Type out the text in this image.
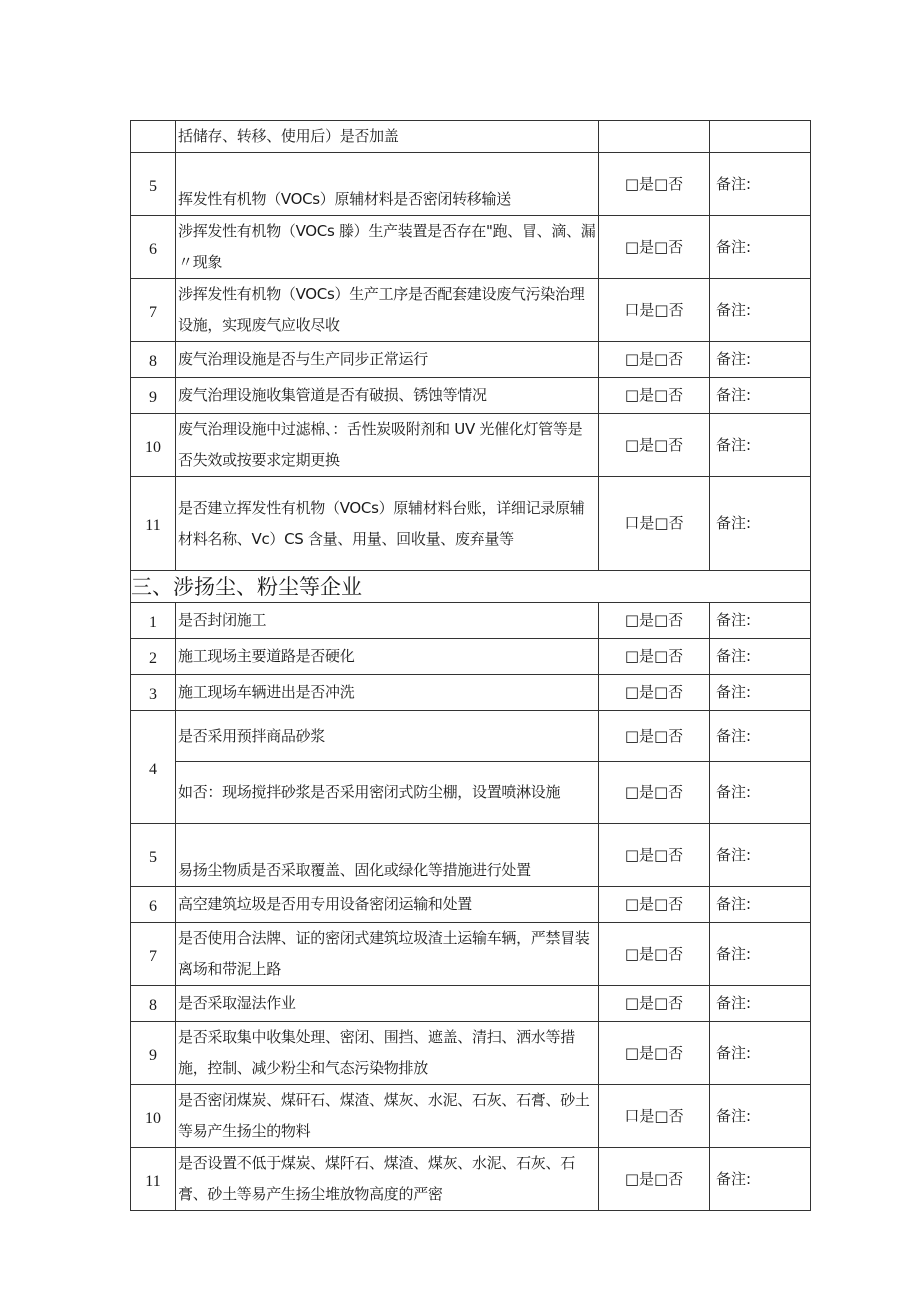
	括储存、转移、使用后）是否加盖		
5	挥发性有机物（VOCs）原辅材料是否密闭转移输送	□是□否	备注:
6	涉挥发性有机物（VOCs 滕）生产装置是否存在"跑、冒、滴、漏〃现象	□是□否	备注:
7	涉挥发性有机物（VOCs）生产工序是否配套建设废气污染治理设施，实现废气应收尽收	口是□否	备注:
8	废气治理设施是否与生产同步正常运行	□是□否	备注:
9	废气治理设施收集管道是否有破损、锈蚀等情况	□是□否	备注:
10	废气治理设施中过滤棉、：舌性炭吸附剂和 UV 光催化灯管等是否失效或按要求定期更换	□是□否	备注:
11	是否建立挥发性有机物（VOCs）原辅材料台账，详细记录原辅材料名称、Vc）CS 含量、用量、回收量、废弃量等	口是□否	备注:
三、涉扬尘、粉尘等企业			
1	是否封闭施工	□是□否	备注:
2	施工现场主要道路是否硬化	□是□否	备注:
3	施工现场车辆进出是否冲洗	□是□否	备注:
4	是否采用预拌商品砂浆	□是□否	备注:
	如否：现场搅拌砂浆是否采用密闭式防尘棚，设置喷淋设施	□是□否	备注:
5	易扬尘物质是否采取覆盖、固化或绿化等措施进行处置	□是□否	备注:
6	高空建筑垃圾是否用专用设备密闭运输和处置	□是□否	备注:
7	是否使用合法牌、证的密闭式建筑垃圾渣土运输车辆，严禁冒装离场和带泥上路	□是□否	备注:
8	是否采取湿法作业	□是□否	备注:
9	是否采取集中收集处理、密闭、围挡、遮盖、清扫、洒水等措施，控制、减少粉尘和气态污染物排放	□是□否	备注:
10	是否密闭煤炭、煤矸石、煤渣、煤灰、水泥、石灰、石膏、砂土等易产生扬尘的物料	口是□否	备注:
11	是否设置不低于煤炭、煤阡石、煤渣、煤灰、水泥、石灰、石膏、砂土等易产生扬尘堆放物高度的严密	□是□否	备注:
